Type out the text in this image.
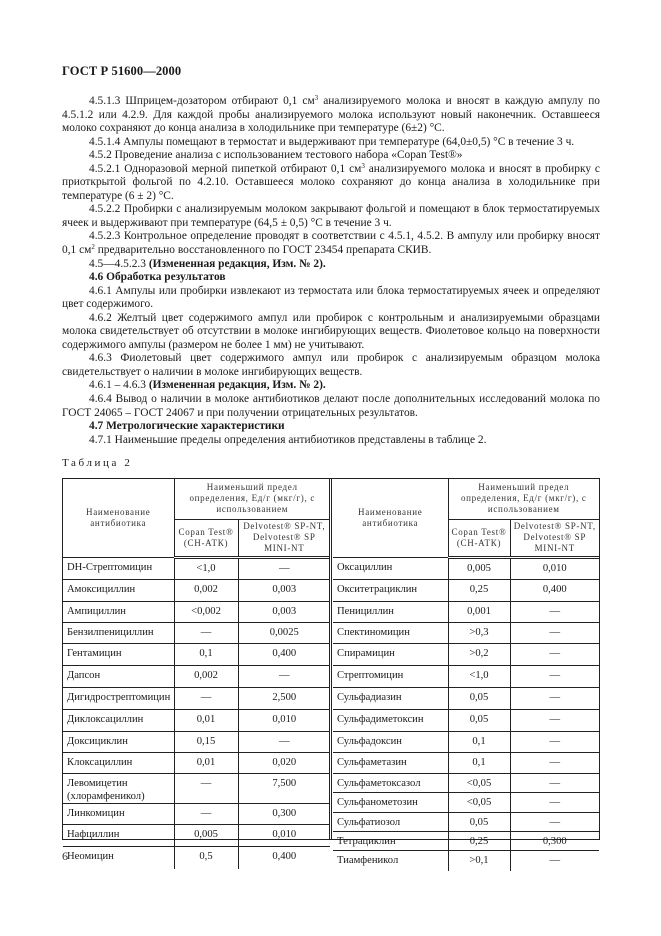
ГОСТ Р 51600—2000

4.5.1.3 Шприцем-дозатором отбирают 0,1 $см^3$ анализируемого молока и вносят в каждую ампулу по 4.5.1.2 или 4.2.9. Для каждой пробы анализируемого молока используют новый наконечник. Оставшееся молоко сохраняют до конца анализа в холодильнике при температуре (6±2) °С.

4.5.1.4 Ампулы помещают в термостат и выдерживают при температуре (64,0±0,5) °С в течение 3 ч.

4.5.2 Проведение анализа с использованием тестового набора «Copan Test®»

4.5.2.1 Одноразовой мерной пипеткой отбирают 0,1 $см^3$ анализируемого молока и вносят в пробирку с приоткрытой фольгой по 4.2.10. Оставшееся молоко сохраняют до конца анализа в холодильнике при температуре (6 ± 2) °С.

4.5.2.2 Пробирки с анализируемым молоком закрывают фольгой и помещают в блок термостатируемых ячеек и выдерживают при температуре (64,5 ± 0,5) °С в течение 3 ч.

4.5.2.3 Контрольное определение проводят в соответствии с 4.5.1, 4.5.2. В ампулу или пробирку вносят 0,1 $см^2$ предварительно восстановленного по ГОСТ 23454 препарата СКИВ.

4.5—4.5.2.3 (Измененная редакция, Изм. № 2).

4.6 Обработка результатов

4.6.1 Ампулы или пробирки извлекают из термостата или блока термостатируемых ячеек и определяют цвет содержимого.

4.6.2 Желтый цвет содержимого ампул или пробирок с контрольным и анализируемыми образцами молока свидетельствует об отсутствии в молоке ингибирующих веществ. Фиолетовое кольцо на поверхности содержимого ампулы (размером не более 1 мм) не учитывают.

4.6.3 Фиолетовый цвет содержимого ампул или пробирок с анализируемым образцом молока свидетельствует о наличии в молоке ингибирующих веществ.

4.6.1 – 4.6.3 (Измененная редакция, Изм. № 2).

4.6.4 Вывод о наличии в молоке антибиотиков делают после дополнительных исследований молока по ГОСТ 24065 – ГОСТ 24067 и при получении отрицательных результатов.

4.7 Метрологические характеристики

4.7.1 Наименьшие пределы определения антибиотиков представлены в таблице 2.

Таблица 2
Наименование антибиотика	Наименьший предел определения, Ед/г (мкг/г), с использованием	
	Copan Test® (СН-АТК)	Delvotest® SP-NT, Delvotest® SP MINI-NT
DH-Стрептомицин	<1,0	—
Амоксициллин	0,002	0,003
Ампициллин	<0,002	0,003
Бензилпенициллин	—	0,0025
Гентамицин	0,1	0,400
Дапсон	0,002	—
Дигидрострептомицин	—	2,500
Диклоксациллин	0,01	0,010
Доксициклин	0,15	—
Клоксациллин	0,01	0,020
Левомицетин (хлорамфеникол)	—	7,500
Линкомицин	—	0,300
Нафциллин	0,005	0,010
Неомицин	0,5	0,400
Наименование антибиотика	Наименьший предел определения, Ед/г (мкг/г), с использованием	
	Copan Test® (СН-АТК)	Delvotest® SP-NT, Delvotest® SP MINI-NT
Оксациллин	0,005	0,010
Окситетрациклин	0,25	0,400
Пенициллин	0,001	—
Спектиномицин	>0,3	—
Спирамицин	>0,2	—
Стрептомицин	<1,0	—
Сульфадиазин	0,05	—
Сульфадиметоксин	0,05	—
Сульфадоксин	0,1	—
Сульфаметазин	0,1	—
Сульфаметоксазол	<0,05	—
Сульфанометозин	<0,05	—
Сульфатиозол	0,05	—
Тетрациклин	0,25	0,300
Тиамфеникол	>0,1	—
6
